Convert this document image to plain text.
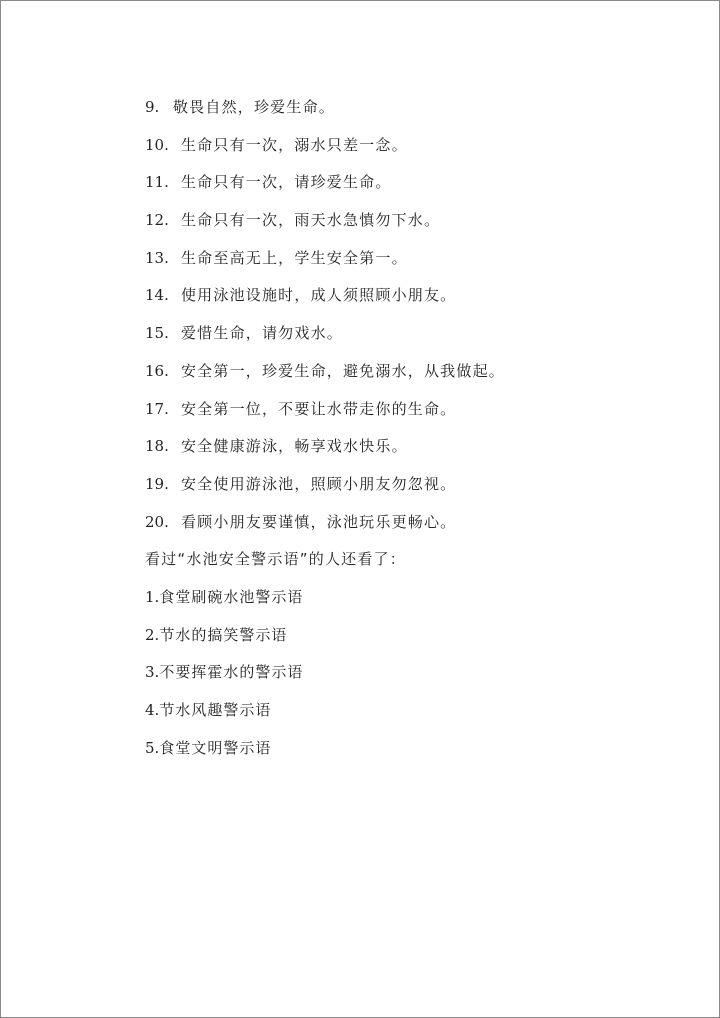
9. 敬畏自然，珍爱生命。
10. 生命只有一次，溺水只差一念。
11. 生命只有一次，请珍爱生命。
12. 生命只有一次，雨天水急慎勿下水。
13. 生命至高无上，学生安全第一。
14. 使用泳池设施时，成人须照顾小朋友。
15. 爱惜生命，请勿戏水。
16. 安全第一，珍爱生命，避免溺水，从我做起。
17. 安全第一位，不要让水带走你的生命。
18. 安全健康游泳，畅享戏水快乐。
19. 安全使用游泳池，照顾小朋友勿忽视。
20. 看顾小朋友要谨慎，泳池玩乐更畅心。
看过“水池安全警示语”的人还看了：
1.食堂刷碗水池警示语
2.节水的搞笑警示语
3.不要挥霍水的警示语
4.节水风趣警示语
5.食堂文明警示语
